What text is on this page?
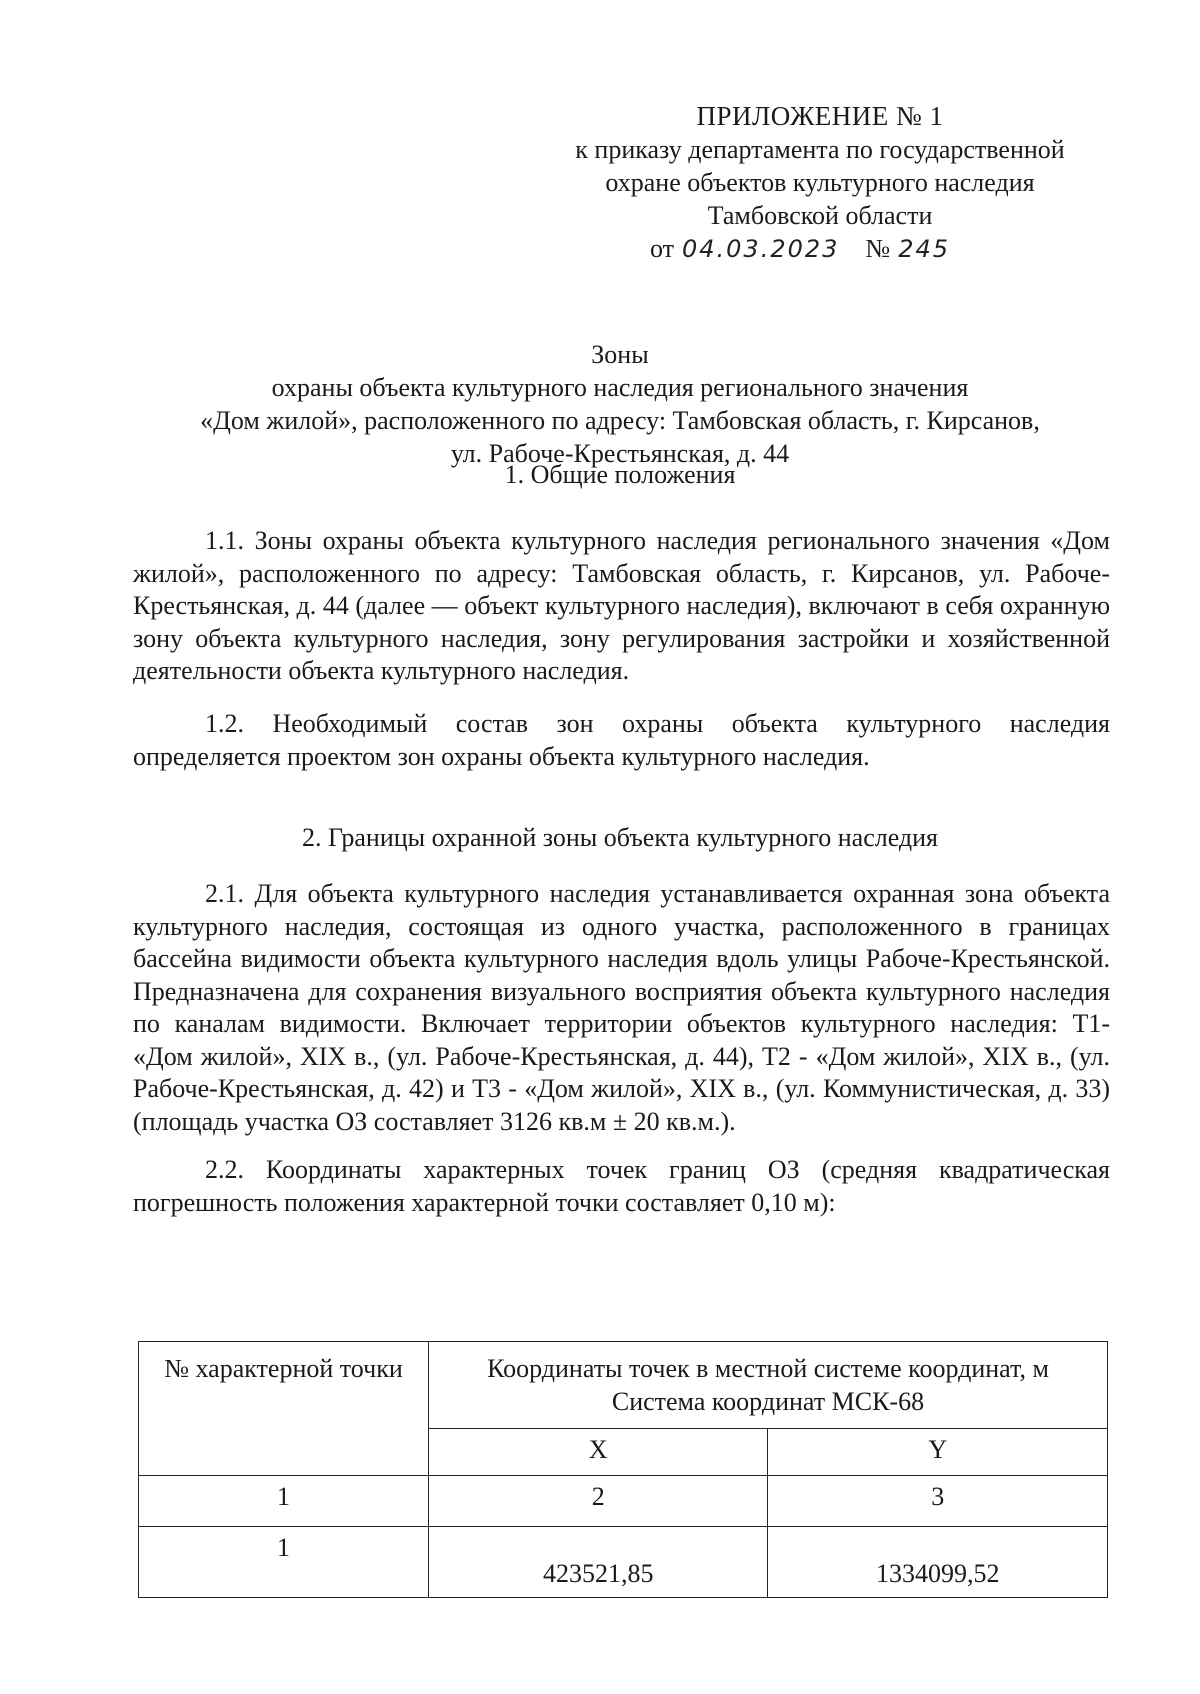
ПРИЛОЖЕНИЕ № 1
к приказу департамента по государственной
охране объектов культурного наследия
Тамбовской области
от 04.03.2023 № 245
Зоны
охраны объекта культурного наследия регионального значения
«Дом жилой», расположенного по адресу: Тамбовская область, г. Кирсанов,
ул. Рабоче-Крестьянская, д. 44
1. Общие положения
1.1. Зоны охраны объекта культурного наследия регионального значения «Дом жилой», расположенного по адресу: Тамбовская область, г. Кирсанов, ул. Рабоче-Крестьянская, д. 44 (далее — объект культурного наследия), включают в себя охранную зону объекта культурного наследия, зону регулирования застройки и хозяйственной деятельности объекта культурного наследия.
1.2. Необходимый состав зон охраны объекта культурного наследия определяется проектом зон охраны объекта культурного наследия.
2. Границы охранной зоны объекта культурного наследия
2.1. Для объекта культурного наследия устанавливается охранная зона объекта культурного наследия, состоящая из одного участка, расположенного в границах бассейна видимости объекта культурного наследия вдоль улицы Рабоче-Крестьянской. Предназначена для сохранения визуального восприятия объекта культурного наследия по каналам видимости. Включает территории объектов культурного наследия: Т1- «Дом жилой», XIX в., (ул. Рабоче-Крестьянская, д. 44), Т2 - «Дом жилой», XIX в., (ул. Рабоче-Крестьянская, д. 42) и Т3 - «Дом жилой», XIX в., (ул. Коммунистическая, д. 33) (площадь участка ОЗ составляет 3126 кв.м ± 20 кв.м.).
2.2. Координаты характерных точек границ ОЗ (средняя квадратическая погрешность положения характерной точки составляет 0,10 м):
№ характерной точки	Координаты точек в местной системе координат, м
Система координат МСК-68	

	X	Y
1	2	3
1	423521,85	1334099,52
